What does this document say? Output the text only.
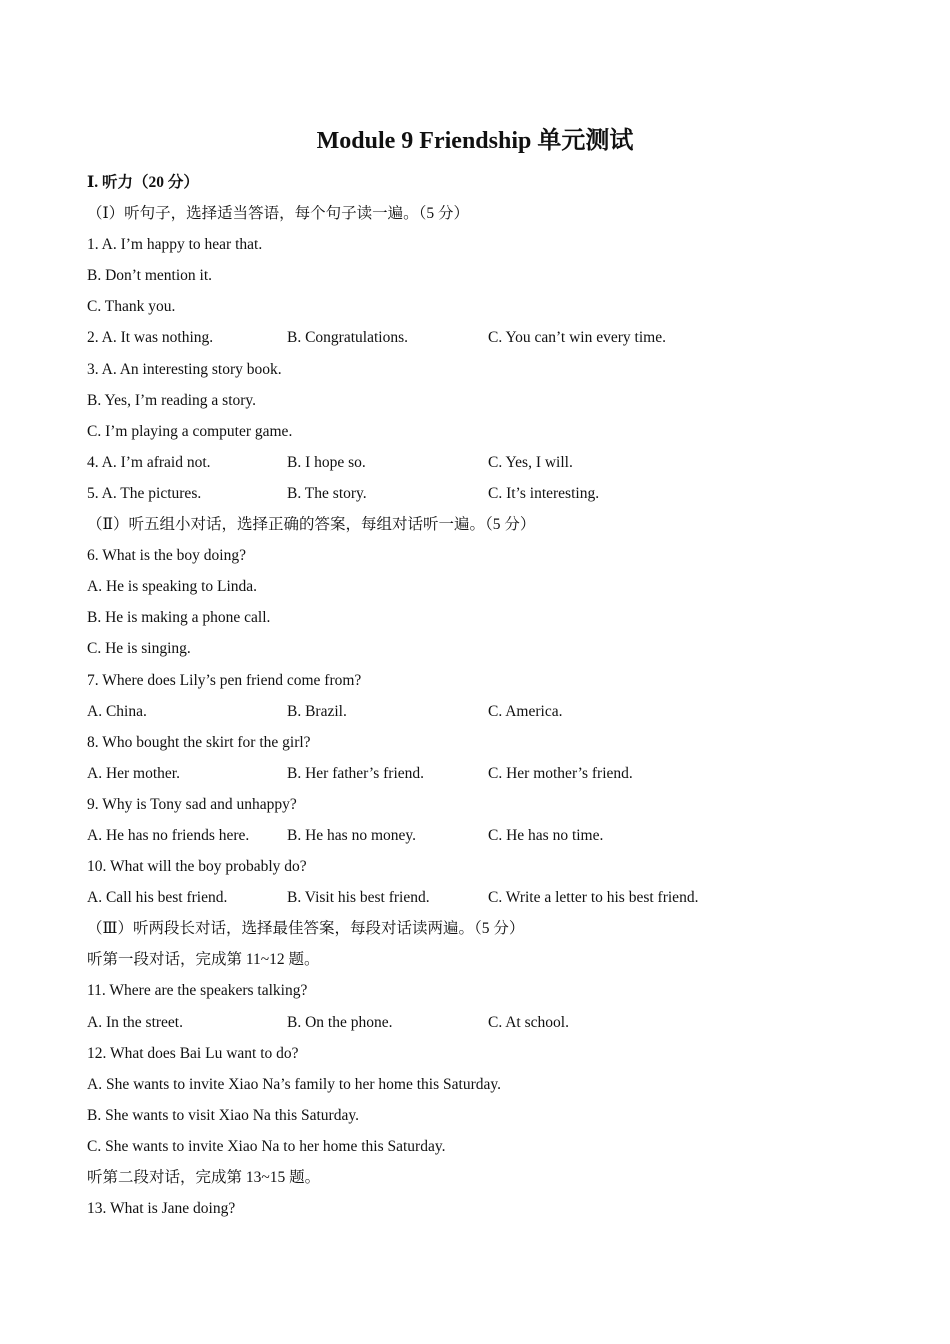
Module 9 Friendship 单元测试
Ⅰ. 听力（20 分）
（Ⅰ）听句子，选择适当答语，每个句子读一遍。（5 分）
1. A. I’m happy to hear that.
B. Don’t mention it.
C. Thank you.
2. A. It was nothing.	B. Congratulations.	C. You can’t win every time.
3. A. An interesting story book.
B. Yes, I’m reading a story.
C. I’m playing a computer game.
4. A. I’m afraid not.	B. I hope so.	C. Yes, I will.
5. A. The pictures.	B. The story.	C. It’s interesting.
（Ⅱ）听五组小对话，选择正确的答案，每组对话听一遍。（5 分）
6. What is the boy doing?
A. He is speaking to Linda.
B. He is making a phone call.
C. He is singing.
7. Where does Lily’s pen friend come from?
A. China.	B. Brazil.	C. America.
8. Who bought the skirt for the girl?
A. Her mother.	B. Her father’s friend.	C. Her mother’s friend.
9. Why is Tony sad and unhappy?
A. He has no friends here.	B. He has no money.	C. He has no time.
10. What will the boy probably do?
A. Call his best friend.	B. Visit his best friend.	C. Write a letter to his best friend.
（Ⅲ）听两段长对话，选择最佳答案，每段对话读两遍。（5 分）
听第一段对话，完成第 11~12 题。
11. Where are the speakers talking?
A. In the street.	B. On the phone.	C. At school.
12. What does Bai Lu want to do?
A. She wants to invite Xiao Na’s family to her home this Saturday.
B. She wants to visit Xiao Na this Saturday.
C. She wants to invite Xiao Na to her home this Saturday.
听第二段对话，完成第 13~15 题。
13. What is Jane doing?
